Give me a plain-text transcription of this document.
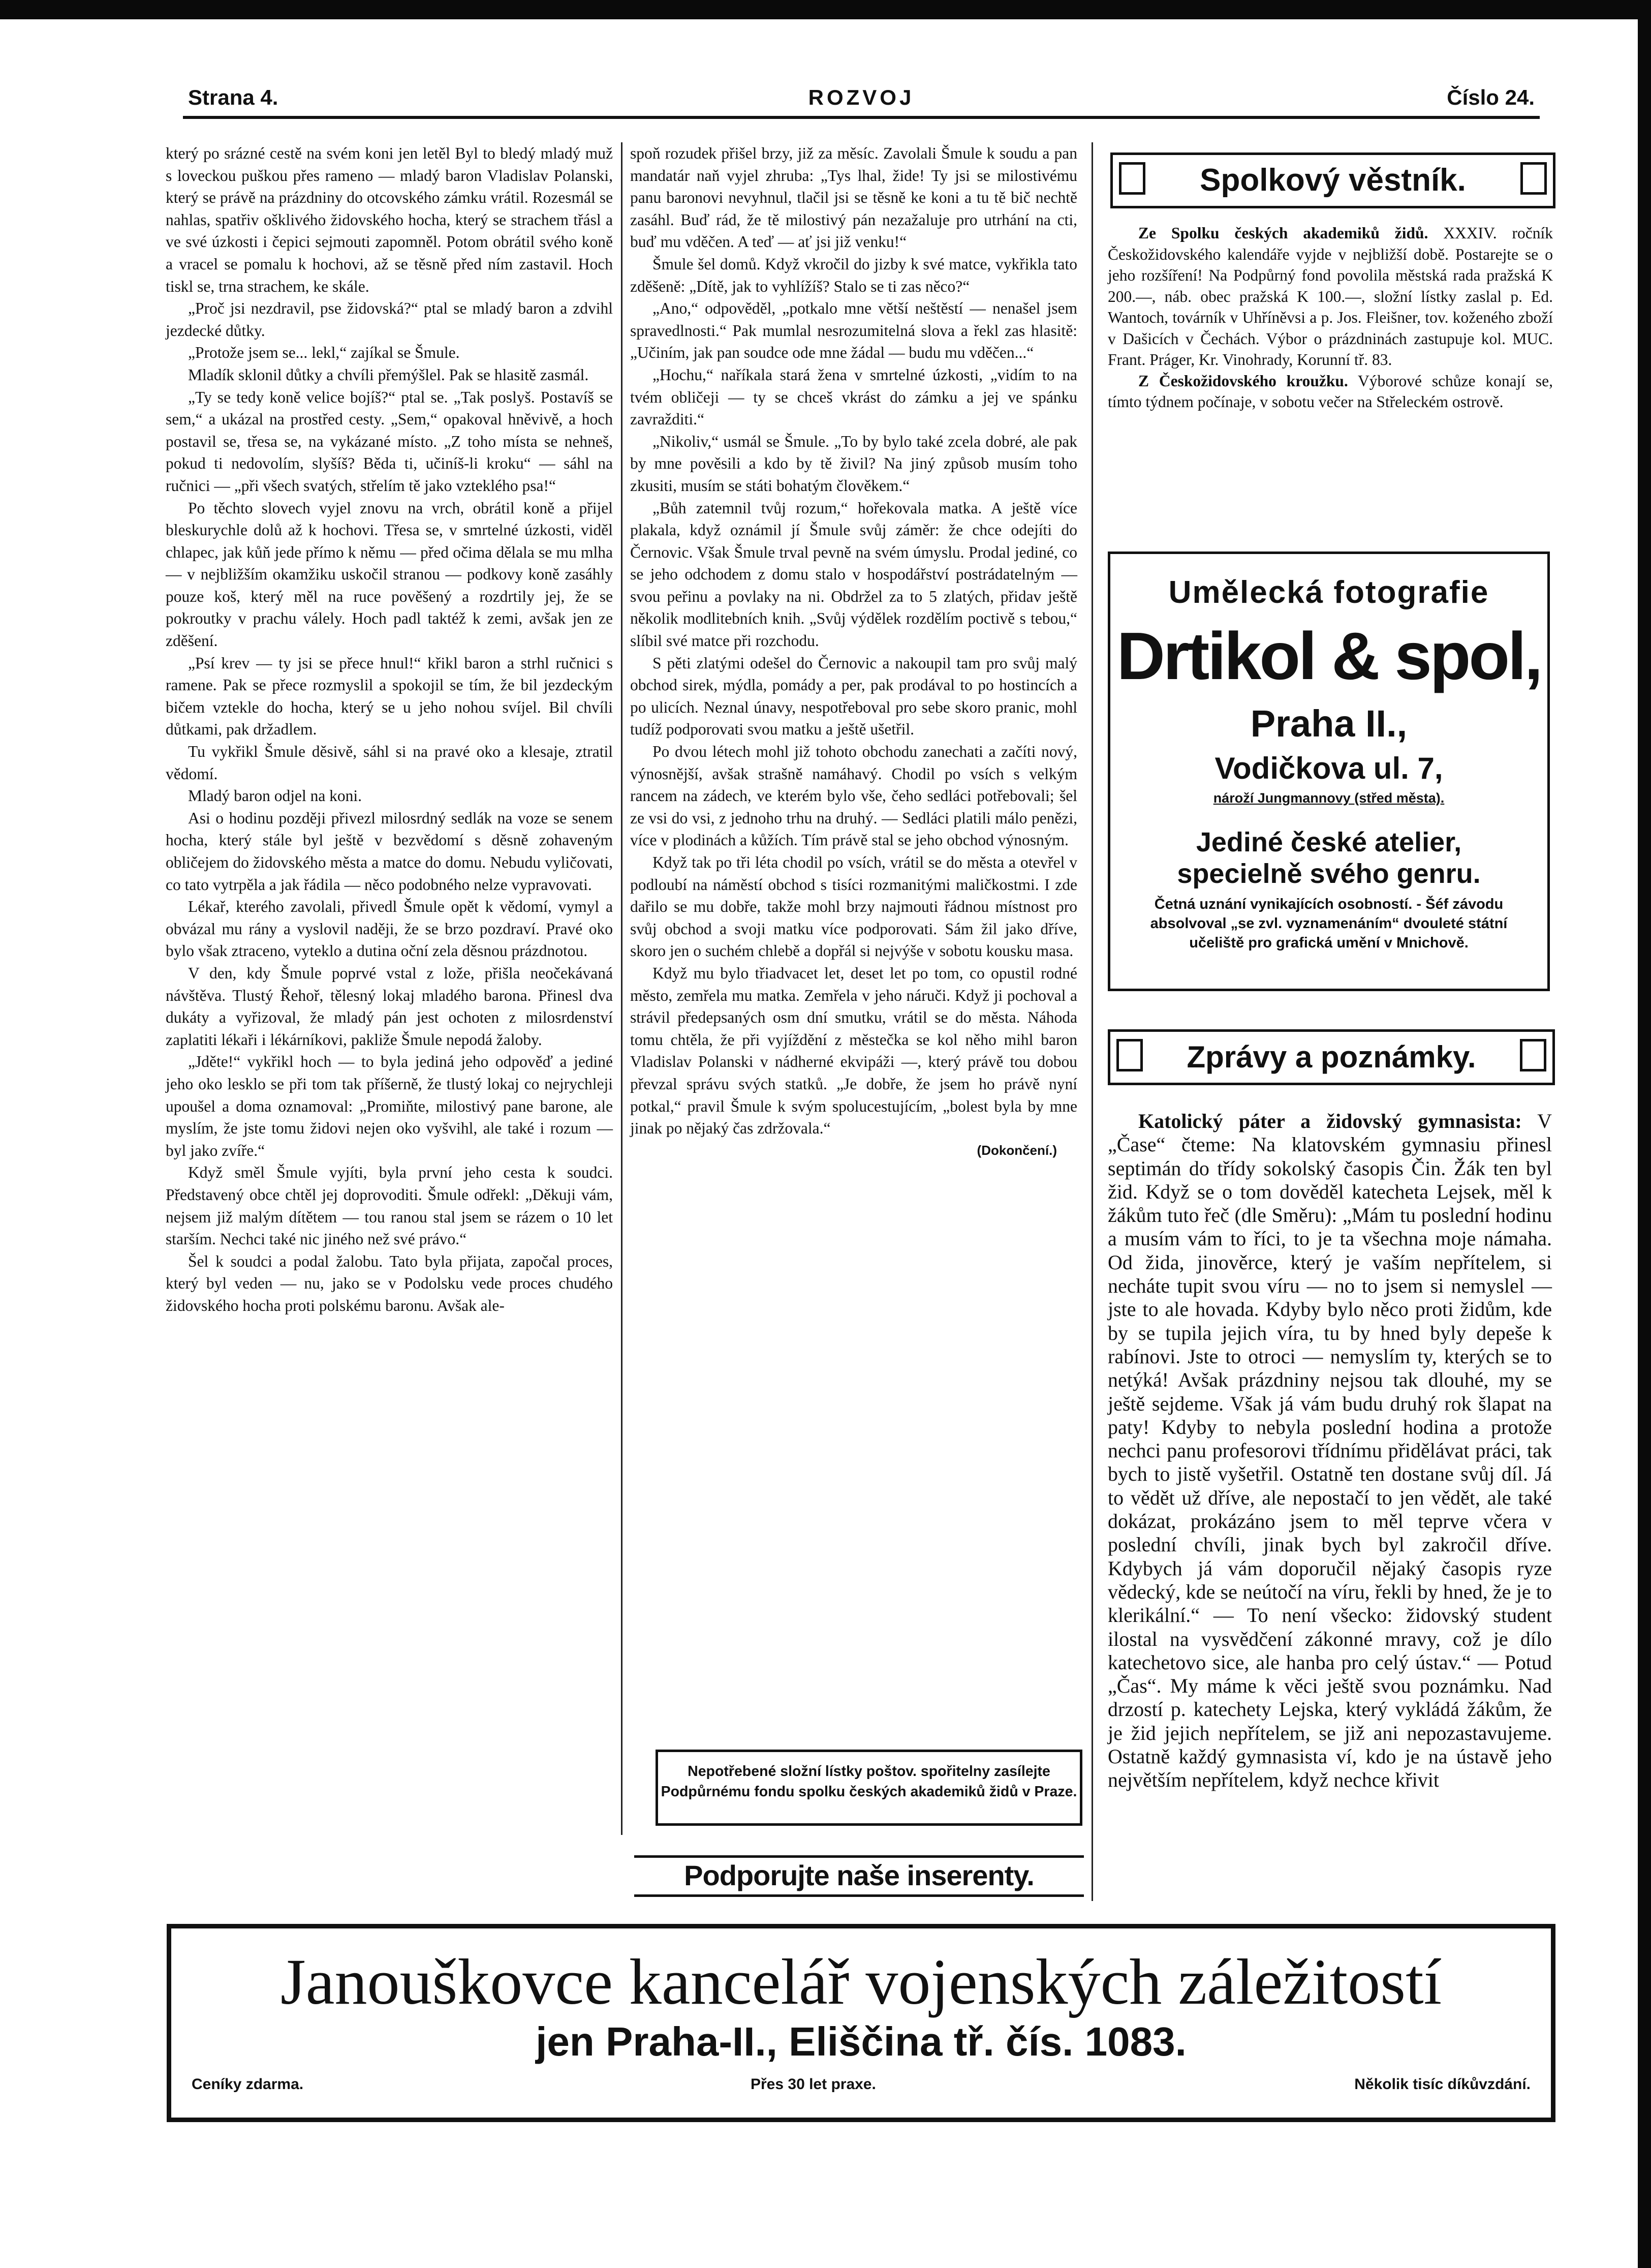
Strana 4.	ROZVOJ	Číslo 24.

který po srázné cestě na svém koni jen letěl Byl to bledý mladý muž s loveckou puškou přes rameno — mladý baron Vladislav Polanski, který se právě na prázdniny do otcovského zámku vrátil. Rozesmál se nahlas, spatřiv ošklivého židovského hocha, který se strachem třásl a ve své úzkosti i čepici sejmouti zapomněl. Potom obrátil svého koně a vracel se pomalu k hochovi, až se těsně před ním zastavil. Hoch tiskl se, trna strachem, ke skále.

„Proč jsi nezdravil, pse židovská?“ ptal se mladý baron a zdvihl jezdecké důtky.

„Protože jsem se... lekl,“ zajíkal se Šmule.

Mladík sklonil důtky a chvíli přemýšlel. Pak se hlasitě zasmál.

„Ty se tedy koně velice bojíš?“ ptal se. „Tak poslyš. Postavíš se sem,“ a ukázal na prostřed cesty. „Sem,“ opakoval hněvivě, a hoch postavil se, třesa se, na vykázané místo. „Z toho místa se nehneš, pokud ti nedovolím, slyšíš? Běda ti, učiníš-li kroku“ — sáhl na ručnici — „při všech svatých, střelím tě jako vzteklého psa!“

Po těchto slovech vyjel znovu na vrch, obrátil koně a přijel bleskurychle dolů až k hochovi. Třesa se, v smrtelné úzkosti, viděl chlapec, jak kůň jede přímo k němu — před očima dělala se mu mlha — v nejbližším okamžiku uskočil stranou — podkovy koně zasáhly pouze koš, který měl na ruce pověšený a rozdrtily jej, že se pokroutky v prachu válely. Hoch padl taktéž k zemi, avšak jen ze zděšení.

„Psí krev — ty jsi se přece hnul!“ křikl baron a strhl ručnici s ramene. Pak se přece rozmyslil a spokojil se tím, že bil jezdeckým bičem vztekle do hocha, který se u jeho nohou svíjel. Bil chvíli důtkami, pak držadlem.

Tu vykřikl Šmule děsivě, sáhl si na pravé oko a klesaje, ztratil vědomí.

Mladý baron odjel na koni.

Asi o hodinu později přivezl milosrdný sedlák na voze se senem hocha, který stále byl ještě v bezvědomí s děsně zohaveným obličejem do židovského města a matce do domu. Nebudu vyličovati, co tato vytrpěla a jak řádila — něco podobného nelze vypravovati.

Lékař, kterého zavolali, přivedl Šmule opět k vědomí, vymyl a obvázal mu rány a vyslovil naději, že se brzo pozdraví. Pravé oko bylo však ztraceno, vyteklo a dutina oční zela děsnou prázdnotou.

V den, kdy Šmule poprvé vstal z lože, přišla neočekávaná návštěva. Tlustý Řehoř, tělesný lokaj mladého barona. Přinesl dva dukáty a vyřizoval, že mladý pán jest ochoten z milosrdenství zaplatiti lékaři i lékárníkovi, pakliže Šmule nepodá žaloby.

„Jděte!“ vykřikl hoch — to byla jediná jeho odpověď a jediné jeho oko lesklo se při tom tak příšerně, že tlustý lokaj co nejrychleji upoušel a doma oznamoval: „Promiňte, milostivý pane barone, ale myslím, že jste tomu židovi nejen oko vyšvihl, ale také i rozum — byl jako zvíře.“

Když směl Šmule vyjíti, byla první jeho cesta k soudci. Představený obce chtěl jej doprovoditi. Šmule odřekl: „Děkuji vám, nejsem již malým dítětem — tou ranou stal jsem se rázem o 10 let starším. Nechci také nic jiného než své právo.“

Šel k soudci a podal žalobu. Tato byla přijata, započal proces, který byl veden — nu, jako se v Podolsku vede proces chudého židovského hocha proti polskému baronu. Avšak ale-

spoň rozudek přišel brzy, již za měsíc. Zavolali Šmule k soudu a pan mandatár naň vyjel zhruba: „Tys lhal, žide! Ty jsi se milostivému panu baronovi nevyhnul, tlačil jsi se těsně ke koni a tu tě bič nechtě zasáhl. Buď rád, že tě milostivý pán nezažaluje pro utrhání na cti, buď mu vděčen. A teď — ať jsi již venku!“

Šmule šel domů. Když vkročil do jizby k své matce, vykřikla tato zděšeně: „Dítě, jak to vyhlížíš? Stalo se ti zas něco?“

„Ano,“ odpověděl, „potkalo mne větší neštěstí — nenašel jsem spravedlnosti.“ Pak mumlal nesrozumitelná slova a řekl zas hlasitě: „Učiním, jak pan soudce ode mne žádal — budu mu vděčen...“

„Hochu,“ naříkala stará žena v smrtelné úzkosti, „vidím to na tvém obličeji — ty se chceš vkrást do zámku a jej ve spánku zavražditi.“

„Nikoliv,“ usmál se Šmule. „To by bylo také zcela dobré, ale pak by mne pověsili a kdo by tě živil? Na jiný způsob musím toho zkusiti, musím se státi bohatým člověkem.“

„Bůh zatemnil tvůj rozum,“ hořekovala matka. A ještě více plakala, když oznámil jí Šmule svůj záměr: že chce odejíti do Černovic. Však Šmule trval pevně na svém úmyslu. Prodal jediné, co se jeho odchodem z domu stalo v hospodářství postrádatelným — svou peřinu a povlaky na ni. Obdržel za to 5 zlatých, přidav ještě několik modlitebních knih. „Svůj výdělek rozdělím poctivě s tebou,“ slíbil své matce při rozchodu.

S pěti zlatými odešel do Černovic a nakoupil tam pro svůj malý obchod sirek, mýdla, pomády a per, pak prodával to po hostincích a po ulicích. Neznal únavy, nespotřeboval pro sebe skoro pranic, mohl tudíž podporovati svou matku a ještě ušetřil.

Po dvou létech mohl již tohoto obchodu zanechati a začíti nový, výnosnější, avšak strašně namáhavý. Chodil po vsích s velkým rancem na zádech, ve kterém bylo vše, čeho sedláci potřebovali; šel ze vsi do vsi, z jednoho trhu na druhý. — Sedláci platili málo penězi, více v plodinách a kůžích. Tím právě stal se jeho obchod výnosným.

Když tak po tři léta chodil po vsích, vrátil se do města a otevřel v podloubí na náměstí obchod s tisíci rozmanitými maličkostmi. I zde dařilo se mu dobře, takže mohl brzy najmouti řádnou místnost pro svůj obchod a svoji matku více podporovati. Sám žil jako dříve, skoro jen o suchém chlebě a dopřál si nejvýše v sobotu kousku masa.

Když mu bylo třiadvacet let, deset let po tom, co opustil rodné město, zemřela mu matka. Zemřela v jeho náruči. Když ji pochoval a strávil předepsaných osm dní smutku, vrátil se do města. Náhoda tomu chtěla, že při vyjíždění z městečka se kol něho mihl baron Vladislav Polanski v nádherné ekvipáži —, který právě tou dobou převzal správu svých statků. „Je dobře, že jsem ho právě nyní potkal,“ pravil Šmule k svým spolucestujícím, „bolest byla by mne jinak po nějaký čas zdržovala.“

(Dokončení.)

Spolkový věstník.

Ze Spolku českých akademiků židů. XXXIV. ročník Českožidovského kalendáře vyjde v nejbližší době. Postarejte se o jeho rozšíření! Na Podpůrný fond povolila městská rada pražská K 200.—, náb. obec pražská K 100.—, složní lístky zaslal p. Ed. Wantoch, továrník v Uhříněvsi a p. Jos. Fleišner, tov. koženého zboží v Dašicích v Čechách. Výbor o prázdninách zastupuje kol. MUC. Frant. Práger, Kr. Vinohrady, Korunní tř. 83.

Z Českožidovského kroužku. Výborové schůze konají se, tímto týdnem počínaje, v sobotu večer na Střeleckém ostrově.

Umělecká fotografie
Drtikol & spol,
Praha II.,
Vodičkova ul. 7,
nároží Jungmannovy (střed města).
Jediné české atelier,
specielně svého genru.
Četná uznání vynikajících osobností. - Šéf závodu absolvoval „se zvl. vyznamenáním“ dvouleté státní učeliště pro grafická umění v Mnichově.
Zprávy a poznámky.

Katolický páter a židovský gymnasista: V „Čase“ čteme: Na klatovském gymnasiu přinesl septimán do třídy sokolský časopis Čin. Žák ten byl žid. Když se o tom dověděl katecheta Lejsek, měl k žákům tuto řeč (dle Směru): „Mám tu poslední hodinu a musím vám to říci, to je ta všechna moje námaha. Od žida, jinověrce, který je vaším nepřítelem, si necháte tupit svou víru — no to jsem si nemyslel — jste to ale hovada. Kdyby bylo něco proti židům, kde by se tupila jejich víra, tu by hned byly depeše k rabínovi. Jste to otroci — nemyslím ty, kterých se to netýká! Avšak prázdniny nejsou tak dlouhé, my se ještě sejdeme. Však já vám budu druhý rok šlapat na paty! Kdyby to nebyla poslední hodina a protože nechci panu profesorovi třídnímu přidělávat práci, tak bych to jistě vyšetřil. Ostatně ten dostane svůj díl. Já to vědět už dříve, ale nepostačí to jen vědět, ale také dokázat, prokázáno jsem to měl teprve včera v poslední chvíli, jinak bych byl zakročil dříve. Kdybych já vám doporučil nějaký časopis ryze vědecký, kde se neútočí na víru, řekli by hned, že je to klerikální.“ — To není všecko: židovský student ilostal na vysvědčení zákonné mravy, což je dílo katechetovo sice, ale hanba pro celý ústav.“ — Potud „Čas“. My máme k věci ještě svou poznámku. Nad drzostí p. katechety Lejska, který vykládá žákům, že je žid jejich nepřítelem, se již ani nepozastavujeme. Ostatně každý gymnasista ví, kdo je na ústavě jeho největším nepřítelem, když nechce křivit

Nepotřebené složní lístky poštov. spořitelny zasílejte Podpůrnému fondu spolku českých akademiků židů v Praze.
Podporujte naše inserenty.
Janouškovce kancelář vojenských záležitostí
jen Praha-II., Eliščina tř. čís. 1083.
Ceníky zdarma.	Přes 30 let praxe.	Několik tisíc díkůvzdání.
